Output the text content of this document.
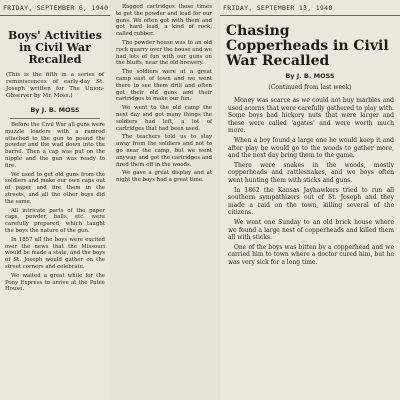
FRIDAY, SEPTEMBER 6, 1940
Boys' Activities in Civil War Recalled
(This is the fifth in a series of reminiscences of early-day St. Joseph written for The Union-Observer by Mr. Moss.)
By J. B. MOSS

Before the Civil War all guns were muzzle loaders with a ramrod attached to the gun to pound the powder and the wad down into the barrel. Then a cap was put on the nipple and the gun was ready to fire.

We used to get old guns from the soldiers and make our own caps out of paper and fire them in the streets, and all the other boys did the same.

All intricate parts of the paper caps, powder, balls, etc. were carefully prepared, which taught the boys the nature of the gun.

In 1857 all the boys were excited over the news that the Missouri would be made a state, and the boys of St. Joseph would gather on the street corners and celebrate.

We waited a great while for the Pony Express to arrive at the Patee House.

Ragged cartridges these times to get the powder and lead for our guns. We often got with them and got hard lead, a kind of rock, called rubber.

The powder house was to an old rock quarry over the house and we had lots of fun with our guns on the bluffs, near the old brewery.

The soldiers were at a great camp east of town and we went there to see them drill and often got their old guns and their cartridges to make our fun.

We went to the old camp the next day and got many things the soldiers had left, a lot of cartridges that had been used.

The teachers told us to stay away from the soldiers and not to go near the camp, but we went anyway and got the cartridges and fired them off in the woods.

We gave a great display and at night the boys had a great time.

FRIDAY, SEPTEMBER 13, 1940
Chasing Copperheads in Civil War Recalled
By J. B. MOSS
(Continued from last week)

Money was scarce as we could not buy marbles and used acorns that were carefully gathered to play with. Some boys had hickory nuts that were larger and these were called 'agates' and were worth much more.

When a boy found a large one he would keep it and after play he would go to the woods to gather more, and the next day bring them to the game.

There were snakes in the woods, mostly copperheads and rattlesnakes, and we boys often went hunting them with sticks and guns.

In 1862 the Kansas Jayhawkers tried to run all southern sympathizers out of St. Joseph and they made a raid on the town, killing several of the citizens.

We went one Sunday to an old brick house where we found a large nest of copperheads and killed them all with sticks.

One of the boys was bitten by a copperhead and we carried him to town where a doctor cured him, but he was very sick for a long time.
